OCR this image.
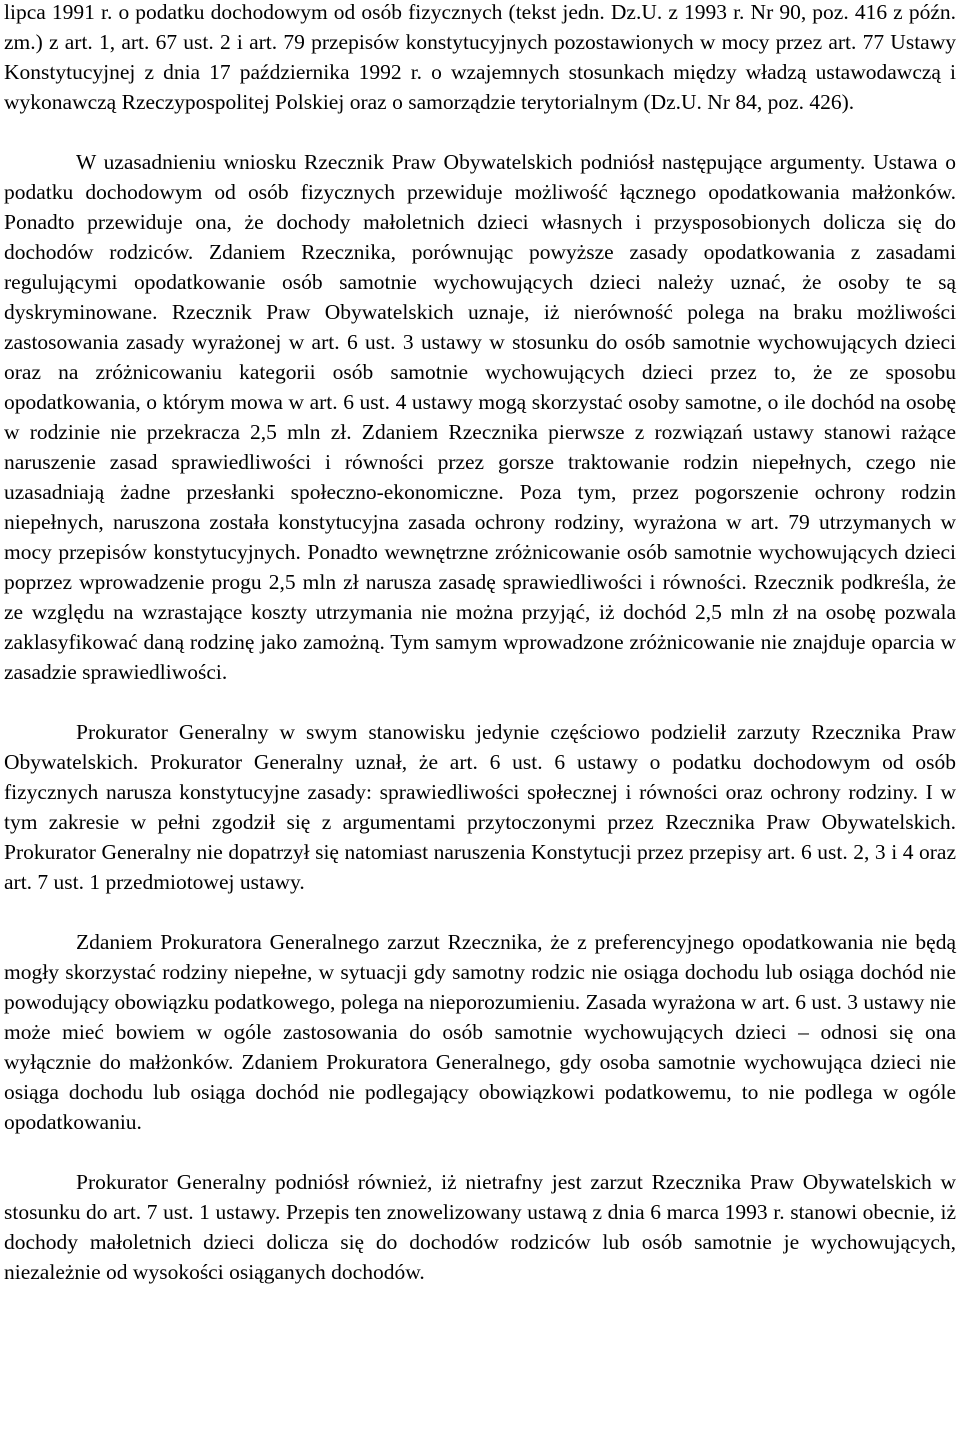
lipca 1991 r. o podatku dochodowym od osób fizycznych (tekst jedn. Dz.U. z 1993 r. Nr 90, poz. 416 z późn. zm.) z art. 1, art. 67 ust. 2 i art. 79 przepisów konstytucyjnych pozostawionych w mocy przez art. 77 Ustawy Konstytucyjnej z dnia 17 października 1992 r. o wzajemnych stosunkach między władzą ustawodawczą i wykonawczą Rzeczypospolitej Polskiej oraz o samorządzie terytorialnym (Dz.U. Nr 84, poz. 426).

W uzasadnieniu wniosku Rzecznik Praw Obywatelskich podniósł następujące argumenty. Ustawa o podatku dochodowym od osób fizycznych przewiduje możliwość łącznego opodatkowania małżonków. Ponadto przewiduje ona, że dochody małoletnich dzieci własnych i przysposobionych dolicza się do dochodów rodziców. Zdaniem Rzecznika, porównując powyższe zasady opodatkowania z zasadami regulującymi opodatkowanie osób samotnie wychowujących dzieci należy uznać, że osoby te są dyskryminowane. Rzecznik Praw Obywatelskich uznaje, iż nierówność polega na braku możliwości zastosowania zasady wyrażonej w art. 6 ust. 3 ustawy w stosunku do osób samotnie wychowujących dzieci oraz na zróżnicowaniu kategorii osób samotnie wychowujących dzieci przez to, że ze sposobu opodatkowania, o którym mowa w art. 6 ust. 4 ustawy mogą skorzystać osoby samotne, o ile dochód na osobę w rodzinie nie przekracza 2,5 mln zł. Zdaniem Rzecznika pierwsze z rozwiązań ustawy stanowi rażące naruszenie zasad sprawiedliwości i równości przez gorsze traktowanie rodzin niepełnych, czego nie uzasadniają żadne przesłanki społeczno-ekonomiczne. Poza tym, przez pogorszenie ochrony rodzin niepełnych, naruszona została konstytucyjna zasada ochrony rodziny, wyrażona w art. 79 utrzymanych w mocy przepisów konstytucyjnych. Ponadto wewnętrzne zróżnicowanie osób samotnie wychowujących dzieci poprzez wprowadzenie progu 2,5 mln zł narusza zasadę sprawiedliwości i równości. Rzecznik podkreśla, że ze względu na wzrastające koszty utrzymania nie można przyjąć, iż dochód 2,5 mln zł na osobę pozwala zaklasyfikować daną rodzinę jako zamożną. Tym samym wprowadzone zróżnicowanie nie znajduje oparcia w zasadzie sprawiedliwości.

Prokurator Generalny w swym stanowisku jedynie częściowo podzielił zarzuty Rzecznika Praw Obywatelskich. Prokurator Generalny uznał, że art. 6 ust. 6 ustawy o podatku dochodowym od osób fizycznych narusza konstytucyjne zasady: sprawiedliwości społecznej i równości oraz ochrony rodziny. I w tym zakresie w pełni zgodził się z argumentami przytoczonymi przez Rzecznika Praw Obywatelskich. Prokurator Generalny nie dopatrzył się natomiast naruszenia Konstytucji przez przepisy art. 6 ust. 2, 3 i 4 oraz art. 7 ust. 1 przedmiotowej ustawy.

Zdaniem Prokuratora Generalnego zarzut Rzecznika, że z preferencyjnego opodatkowania nie będą mogły skorzystać rodziny niepełne, w sytuacji gdy samotny rodzic nie osiąga dochodu lub osiąga dochód nie powodujący obowiązku podatkowego, polega na nieporozumieniu. Zasada wyrażona w art. 6 ust. 3 ustawy nie może mieć bowiem w ogóle zastosowania do osób samotnie wychowujących dzieci – odnosi się ona wyłącznie do małżonków. Zdaniem Prokuratora Generalnego, gdy osoba samotnie wychowująca dzieci nie osiąga dochodu lub osiąga dochód nie podlegający obowiązkowi podatkowemu, to nie podlega w ogóle opodatkowaniu.

Prokurator Generalny podniósł również, iż nietrafny jest zarzut Rzecznika Praw Obywatelskich w stosunku do art. 7 ust. 1 ustawy. Przepis ten znowelizowany ustawą z dnia 6 marca 1993 r. stanowi obecnie, iż dochody małoletnich dzieci dolicza się do dochodów rodziców lub osób samotnie je wychowujących, niezależnie od wysokości osiąganych dochodów.
